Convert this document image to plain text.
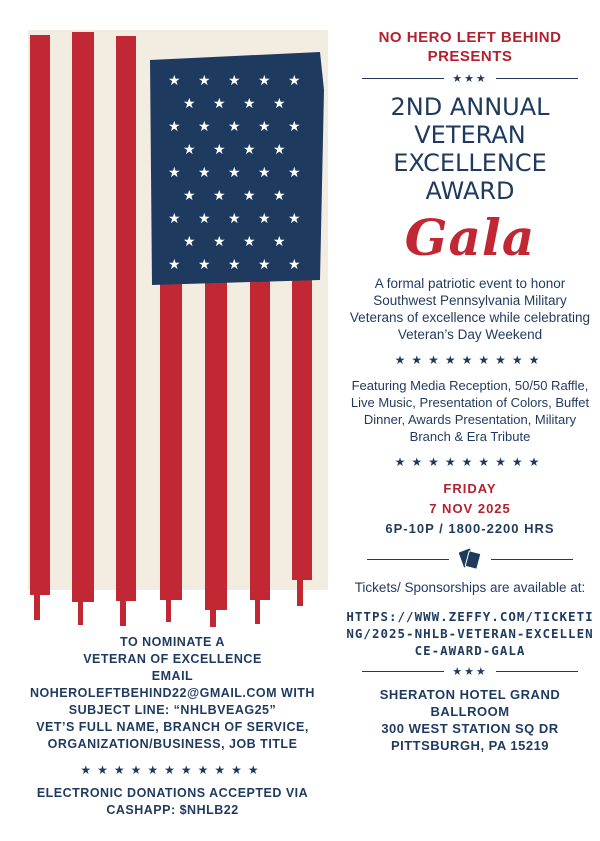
★ ★ ★ ★ ★
★ ★ ★ ★
★ ★ ★ ★ ★
★ ★ ★ ★
★ ★ ★ ★ ★
★ ★ ★ ★
★ ★ ★ ★ ★
★ ★ ★ ★
★ ★ ★ ★ ★
NO HERO LEFT BEHIND
PRESENTS
★★★
2ND ANNUAL
VETERAN EXCELLENCE
AWARD
Gala
A formal patriotic event to honor Southwest Pennsylvania Military Veterans of excellence while celebrating Veteran’s Day Weekend
★★★★★★★★★
Featuring Media Reception, 50/50 Raffle, Live Music, Presentation of Colors, Buffet Dinner, Awards Presentation, Military Branch & Era Tribute
★★★★★★★★★
FRIDAY
7 NOV 2025
6P-10P / 1800-2200 HRS
Tickets/ Sponsorships are available at:
HTTPS://WWW.ZEFFY.COM/TICKETING/2025-NHLB-VETERAN-EXCELLENCE-AWARD-GALA
★★★
SHERATON HOTEL GRAND
BALLROOM
300 WEST STATION SQ DR
PITTSBURGH, PA 15219
TO NOMINATE A
VETERAN OF EXCELLENCE
EMAIL
NOHEROLEFTBEHIND22@GMAIL.COM WITH
SUBJECT LINE: “NHLBVEAG25”
VET’S FULL NAME, BRANCH OF SERVICE,
ORGANIZATION/BUSINESS, JOB TITLE
★★★★★★★★★★★
ELECTRONIC DONATIONS ACCEPTED VIA
CASHAPP: $NHLB22
